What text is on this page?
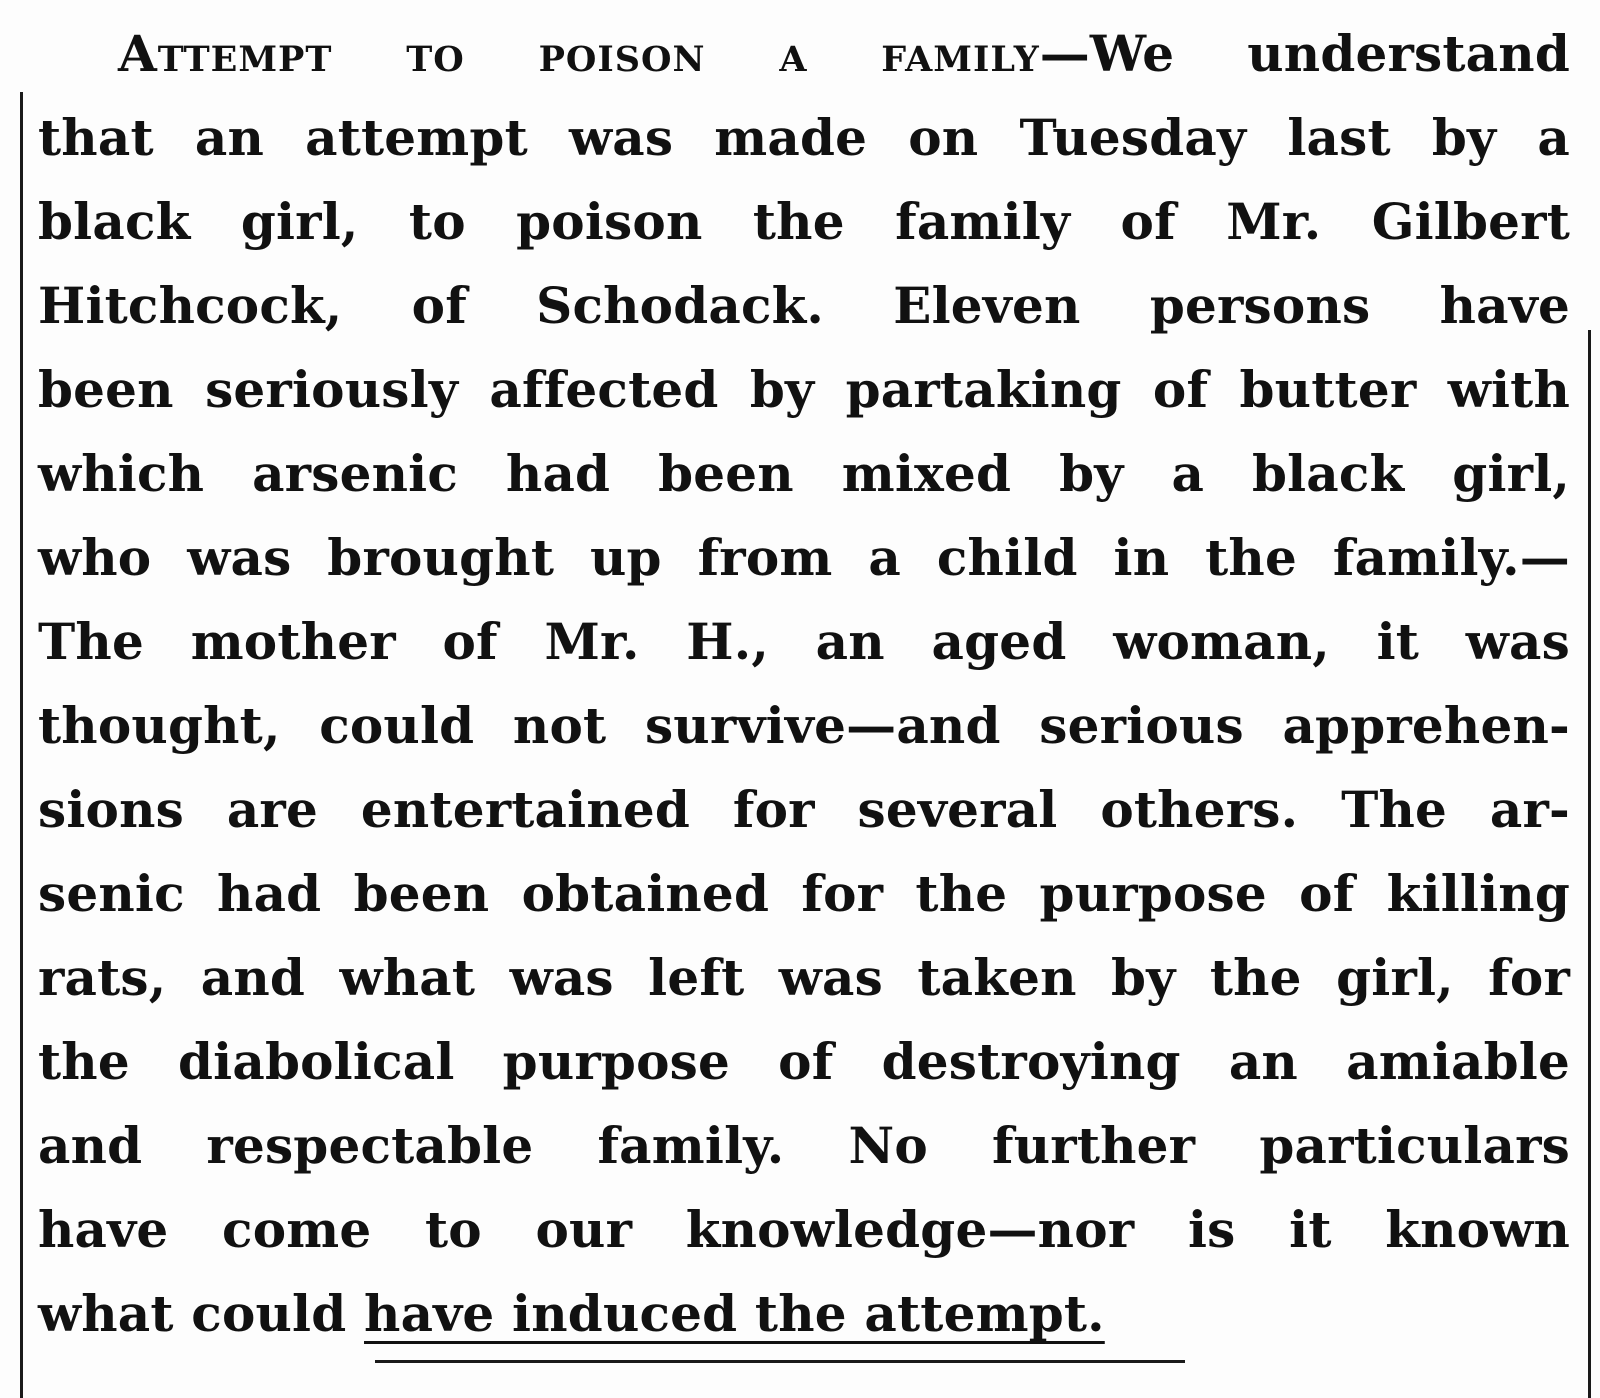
Attempt to poison a family—We understand
that an attempt was made on Tuesday last by a
black girl, to poison the family of Mr. Gilbert
Hitchcock, of Schodack. Eleven persons have
been seriously affected by partaking of butter with
which arsenic had been mixed by a black girl,
who was brought up from a child in the family.—
The mother of Mr. H., an aged woman, it was
thought, could not survive—and serious apprehen-
sions are entertained for several others. The ar-
senic had been obtained for the purpose of killing
rats, and what was left was taken by the girl, for
the diabolical purpose of destroying an amiable
and respectable family. No further particulars
have come to our knowledge—nor is it known
what could have induced the attempt.
